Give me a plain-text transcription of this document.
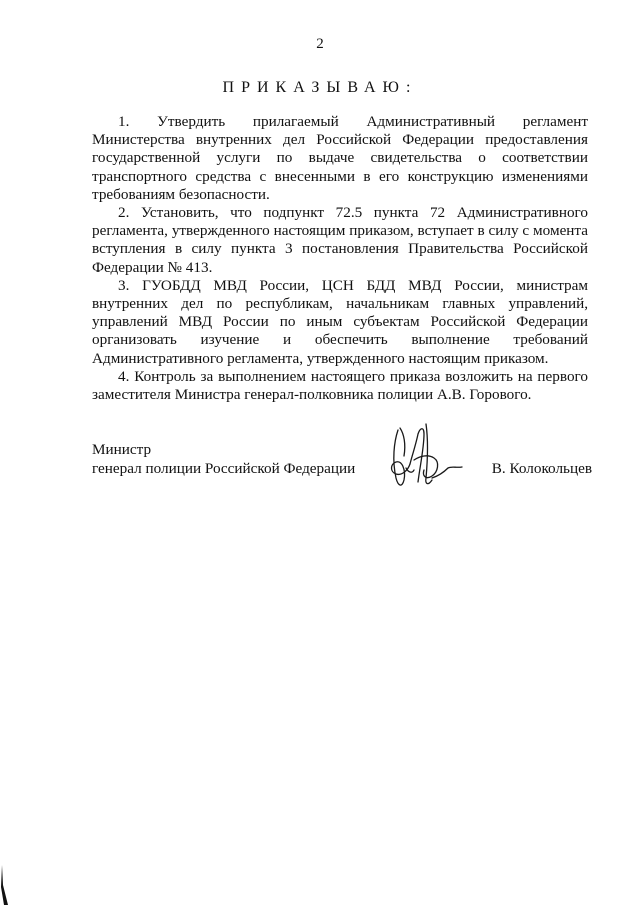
2
ПРИКАЗЫВАЮ:

1. Утвердить прилагаемый Административный регламент Министерства внутренних дел Российской Федерации предоставления государственной услуги по выдаче свидетельства о соответствии транспортного средства с внесенными в его конструкцию изменениями требованиям безопасности.

2. Установить, что подпункт 72.5 пункта 72 Административного регламента, утвержденного настоящим приказом, вступает в силу с момента вступления в силу пункта 3 постановления Правительства Российской Федерации № 413.

3. ГУОБДД МВД России, ЦСН БДД МВД России, министрам внутренних дел по республикам, начальникам главных управлений, управлений МВД России по иным субъектам Российской Федерации организовать изучение и обеспечить выполнение требований Административного регламента, утвержденного настоящим приказом.

4. Контроль за выполнением настоящего приказа возложить на первого заместителя Министра генерал-полковника полиции А.В. Горового.

Министр
генерал полиции Российской Федерации	В. Колокольцев
